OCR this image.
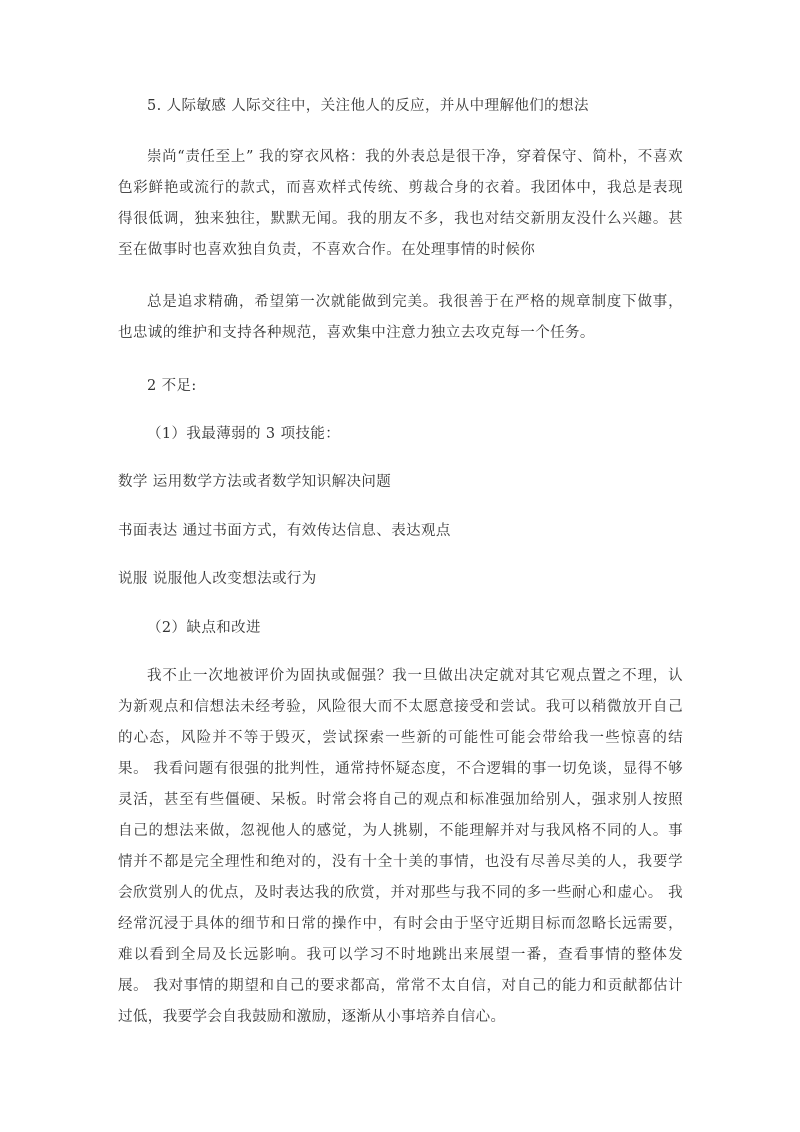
5. 人际敏感 人际交往中，关注他人的反应，并从中理解他们的想法

崇尚“责任至上” 我的穿衣风格：我的外表总是很干净，穿着保守、简朴，不喜欢色彩鲜艳或流行的款式，而喜欢样式传统、剪裁合身的衣着。我团体中，我总是表现得很低调，独来独往，默默无闻。我的朋友不多，我也对结交新朋友没什么兴趣。甚至在做事时也喜欢独自负责，不喜欢合作。在处理事情的时候你

总是追求精确，希望第一次就能做到完美。我很善于在严格的规章制度下做事，也忠诚的维护和支持各种规范，喜欢集中注意力独立去攻克每一个任务。

2 不足:

（1）我最薄弱的 3 项技能：

数学 运用数学方法或者数学知识解决问题

书面表达 通过书面方式，有效传达信息、表达观点

说服 说服他人改变想法或行为

（2）缺点和改进

我不止一次地被评价为固执或倔强？我一旦做出决定就对其它观点置之不理，认为新观点和信想法未经考验，风险很大而不太愿意接受和尝试。我可以稍微放开自己的心态，风险并不等于毁灭，尝试探索一些新的可能性可能会带给我一些惊喜的结果。 我看问题有很强的批判性，通常持怀疑态度，不合逻辑的事一切免谈，显得不够灵活，甚至有些僵硬、呆板。时常会将自己的观点和标准强加给别人，强求别人按照自己的想法来做，忽视他人的感觉，为人挑剔，不能理解并对与我风格不同的人。事情并不都是完全理性和绝对的，没有十全十美的事情，也没有尽善尽美的人，我要学会欣赏别人的优点，及时表达我的欣赏，并对那些与我不同的多一些耐心和虚心。 我经常沉浸于具体的细节和日常的操作中，有时会由于坚守近期目标而忽略长远需要，难以看到全局及长远影响。我可以学习不时地跳出来展望一番，查看事情的整体发展。 我对事情的期望和自己的要求都高，常常不太自信，对自己的能力和贡献都估计过低，我要学会自我鼓励和激励，逐渐从小事培养自信心。
